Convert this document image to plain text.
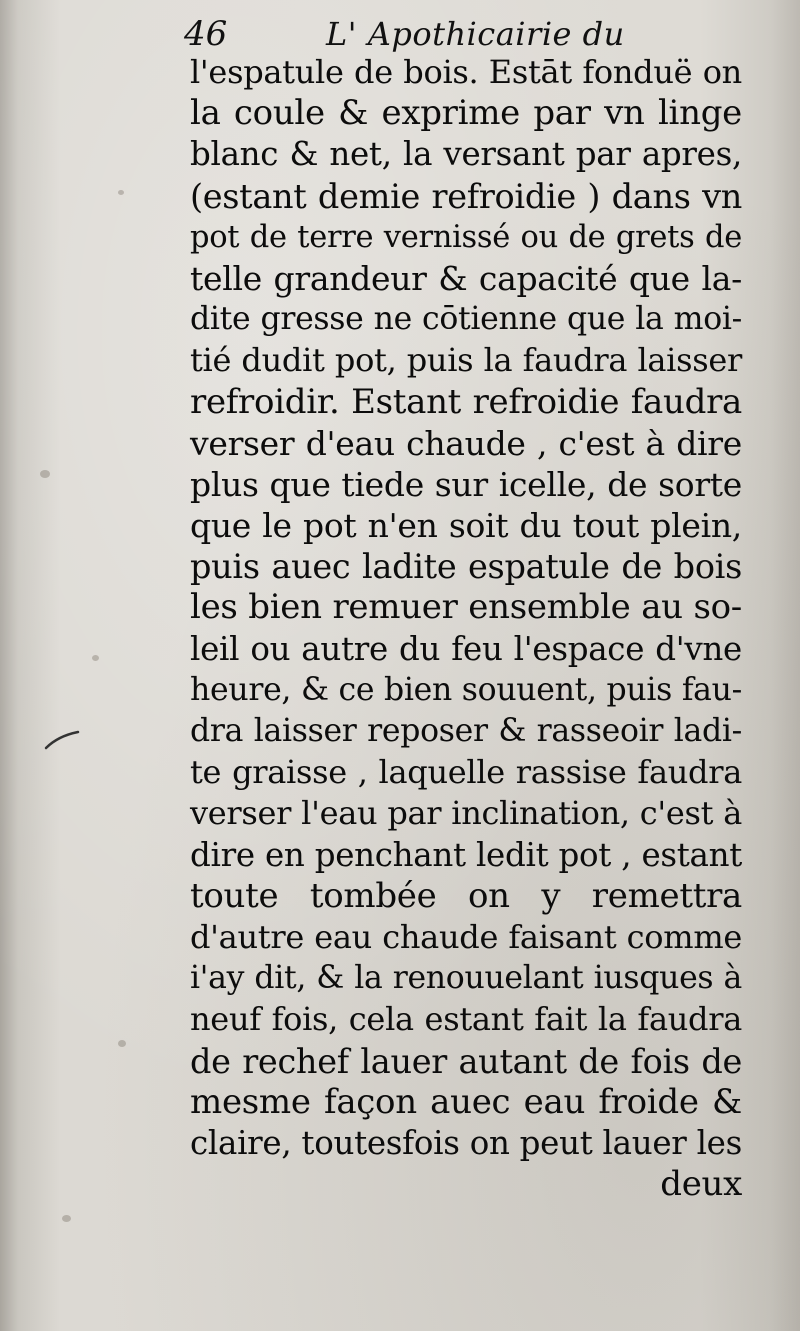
46	L' Apothicairie du
l'espatule de bois. Estāt fonduë on
la coule & exprime par vn linge
blanc & net, la versant par apres,
(estant demie refroidie ) dans vn
pot de terre vernissé ou de grets de
telle grandeur & capacité que la-
dite gresse ne cōtienne que la moi-
tié dudit pot, puis la faudra laisser
refroidir. Estant refroidie faudra
verser d'eau chaude , c'est à dire
plus que tiede sur icelle, de sorte
que le pot n'en soit du tout plein,
puis auec ladite espatule de bois
les bien remuer ensemble au so-
leil ou autre du feu l'espace d'vne
heure, & ce bien souuent, puis fau-
dra laisser reposer & rasseoir ladi-
te graisse , laquelle rassise faudra
verser l'eau par inclination, c'est à
dire en penchant ledit pot , estant
toute tombée on y remettra
d'autre eau chaude faisant comme
i'ay dit, & la renouuelant iusques à
neuf fois, cela estant fait la faudra
de rechef lauer autant de fois de
mesme façon auec eau froide &
claire, toutesfois on peut lauer les
deux
